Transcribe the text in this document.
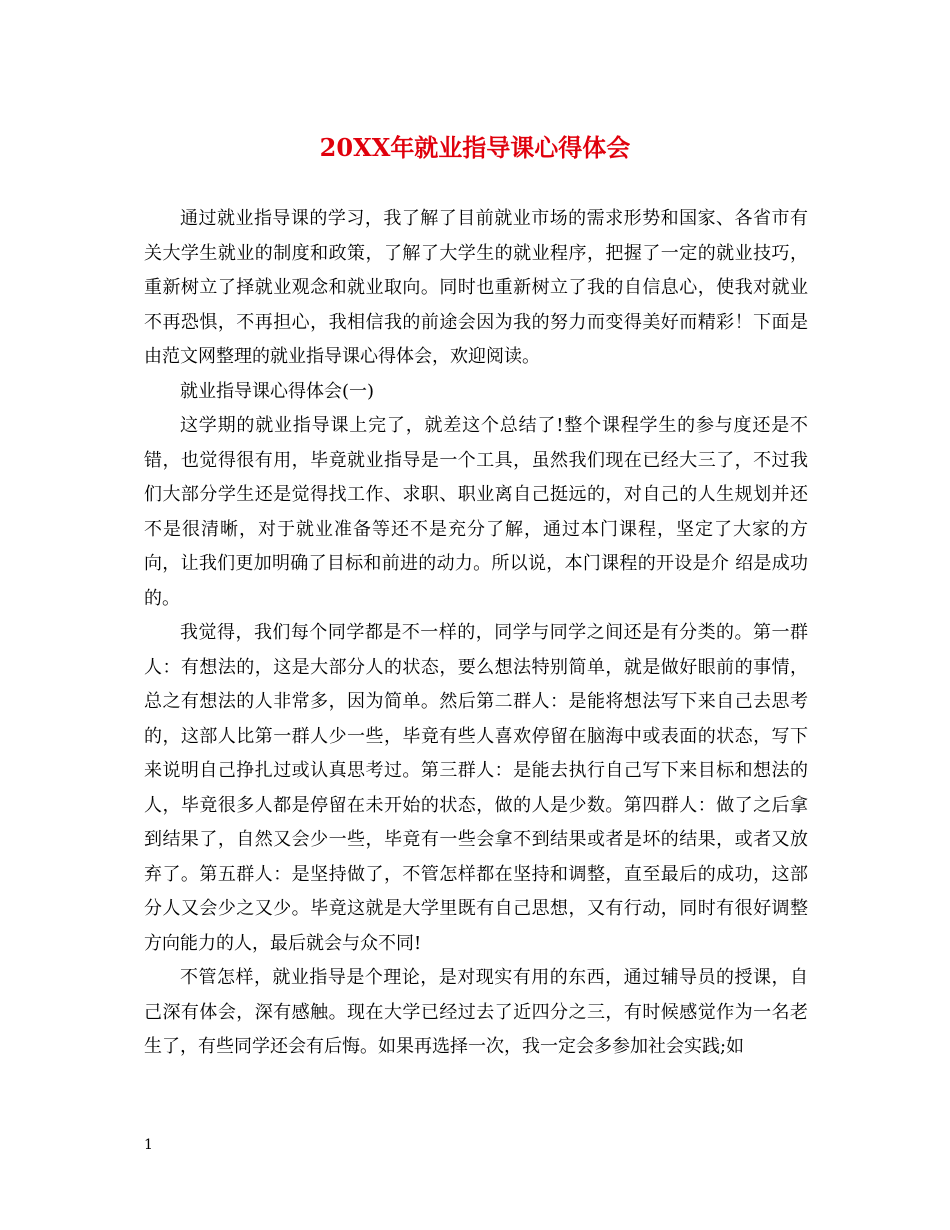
20XX年就业指导课心得体会

通过就业指导课的学习，我了解了目前就业市场的需求形势和国家、各省市有关大学生就业的制度和政策，了解了大学生的就业程序，把握了一定的就业技巧，重新树立了择就业观念和就业取向。同时也重新树立了我的自信息心，使我对就业不再恐惧，不再担心，我相信我的前途会因为我的努力而变得美好而精彩！下面是由范文网整理的就业指导课心得体会，欢迎阅读。

就业指导课心得体会(一)

这学期的就业指导课上完了，就差这个总结了!整个课程学生的参与度还是不错，也觉得很有用，毕竟就业指导是一个工具，虽然我们现在已经大三了，不过我们大部分学生还是觉得找工作、求职、职业离自己挺远的，对自己的人生规划并还不是很清晰，对于就业准备等还不是充分了解，通过本门课程，坚定了大家的方向，让我们更加明确了目标和前进的动力。所以说，本门课程的开设是介 绍是成功的。

我觉得，我们每个同学都是不一样的，同学与同学之间还是有分类的。第一群人：有想法的，这是大部分人的状态，要么想法特别简单，就是做好眼前的事情，总之有想法的人非常多，因为简单。然后第二群人：是能将想法写下来自己去思考的，这部人比第一群人少一些，毕竟有些人喜欢停留在脑海中或表面的状态，写下来说明自己挣扎过或认真思考过。第三群人：是能去执行自己写下来目标和想法的人，毕竟很多人都是停留在未开始的状态，做的人是少数。第四群人：做了之后拿到结果了，自然又会少一些，毕竟有一些会拿不到结果或者是坏的结果，或者又放弃了。第五群人：是坚持做了，不管怎样都在坚持和调整，直至最后的成功，这部分人又会少之又少。毕竟这就是大学里既有自己思想，又有行动，同时有很好调整方向能力的人，最后就会与众不同!

不管怎样，就业指导是个理论，是对现实有用的东西，通过辅导员的授课，自己深有体会，深有感触。现在大学已经过去了近四分之三，有时候感觉作为一名老生了，有些同学还会有后悔。如果再选择一次，我一定会多参加社会实践;如

1
